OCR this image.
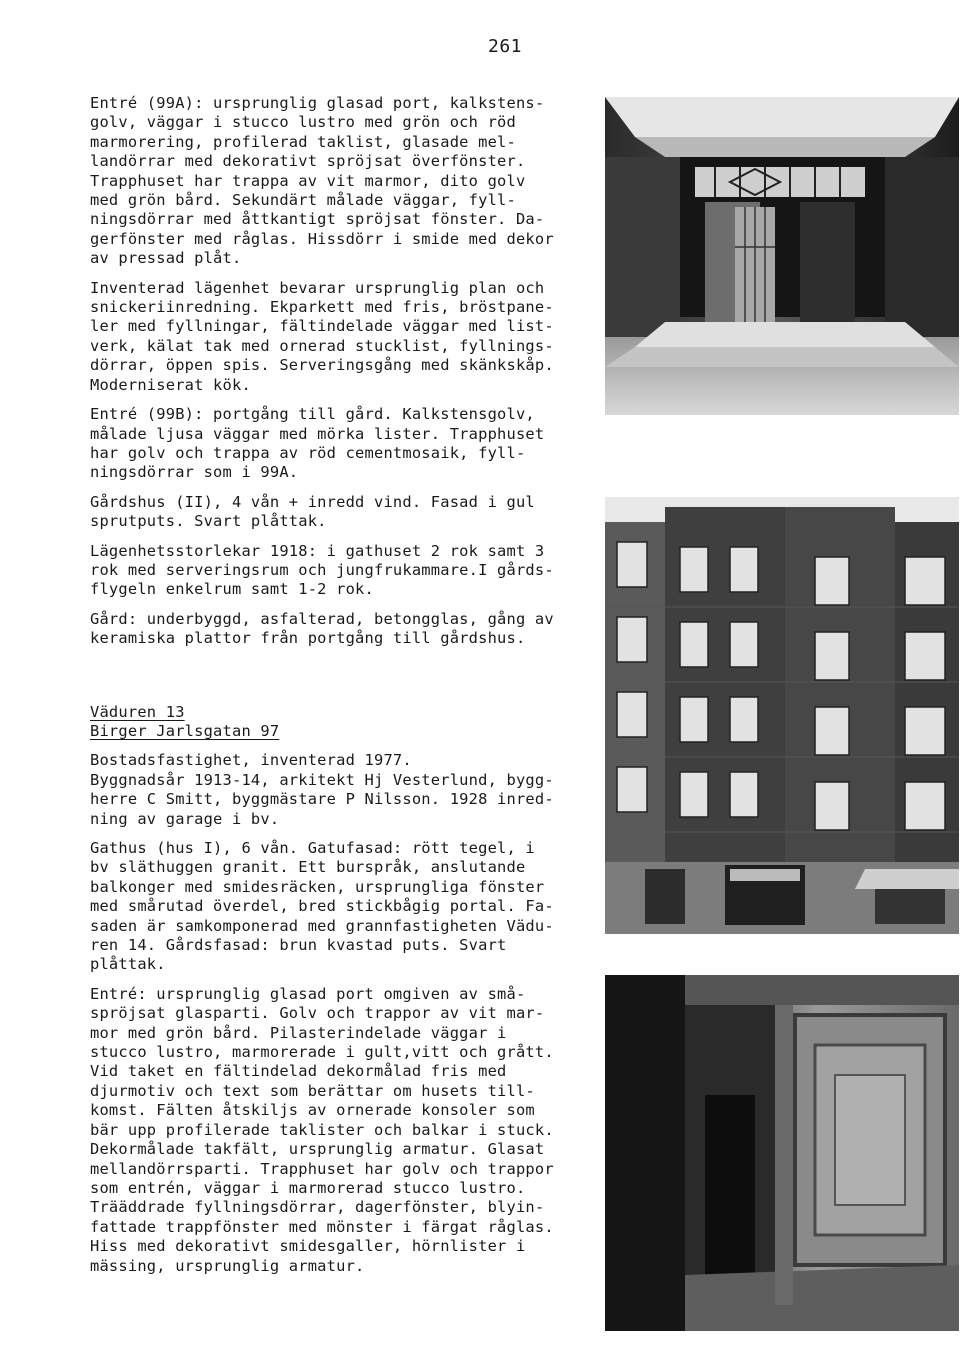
261

Entré (99A): ursprunglig glasad port, kalkstens-
golv, väggar i stucco lustro med grön och röd
marmorering, profilerad taklist, glasade mel-
landörrar med dekorativt spröjsat överfönster.
Trapphuset har trappa av vit marmor, dito golv
med grön bård. Sekundärt målade väggar, fyll-
ningsdörrar med åttkantigt spröjsat fönster. Da-
gerfönster med råglas. Hissdörr i smide med dekor
av pressad plåt.

Inventerad lägenhet bevarar ursprunglig plan och
snickeriinredning. Ekparkett med fris, bröstpane-
ler med fyllningar, fältindelade väggar med list-
verk, kälat tak med ornerad stucklist, fyllnings-
dörrar, öppen spis. Serveringsgång med skänkskåp.
Moderniserat kök.

Entré (99B): portgång till gård. Kalkstensgolv,
målade ljusa väggar med mörka lister. Trapphuset
har golv och trappa av röd cementmosaik, fyll-
ningsdörrar som i 99A.

Gårdshus (II), 4 vån + inredd vind. Fasad i gul
sprutputs. Svart plåttak.

Lägenhetsstorlekar 1918: i gathuset 2 rok samt 3
rok med serveringsrum och jungfrukammare.I gårds-
flygeln enkelrum samt 1-2 rok.

Gård: underbyggd, asfalterad, betongglas, gång av
keramiska plattor från portgång till gårdshus.

Väduren 13
Birger Jarlsgatan 97

Bostadsfastighet, inventerad 1977.
Byggnadsår 1913-14, arkitekt Hj Vesterlund, bygg-
herre C Smitt, byggmästare P Nilsson. 1928 inred-
ning av garage i bv.

Gathus (hus I), 6 vån. Gatufasad: rött tegel, i
bv släthuggen granit. Ett burspråk, anslutande
balkonger med smidesräcken, ursprungliga fönster
med smårutad överdel, bred stickbågig portal. Fa-
saden är samkomponerad med grannfastigheten Vädu-
ren 14. Gårdsfasad: brun kvastad puts. Svart
plåttak.

Entré: ursprunglig glasad port omgiven av små-
spröjsat glasparti. Golv och trappor av vit mar-
mor med grön bård. Pilasterindelade väggar i
stucco lustro, marmorerade i gult,vitt och grått.
Vid taket en fältindelad dekormålad fris med
djurmotiv och text som berättar om husets till-
komst. Fälten åtskiljs av ornerade konsoler som
bär upp profilerade taklister och balkar i stuck.
Dekormålade takfält, ursprunglig armatur. Glasat
mellandörrsparti. Trapphuset har golv och trappor
som entrén, väggar i marmorerad stucco lustro.
Trääddrade fyllningsdörrar, dagerfönster, blyin-
fattade trappfönster med mönster i färgat råglas.
Hiss med dekorativt smidesgaller, hörnlister i
mässing, ursprunglig armatur.
